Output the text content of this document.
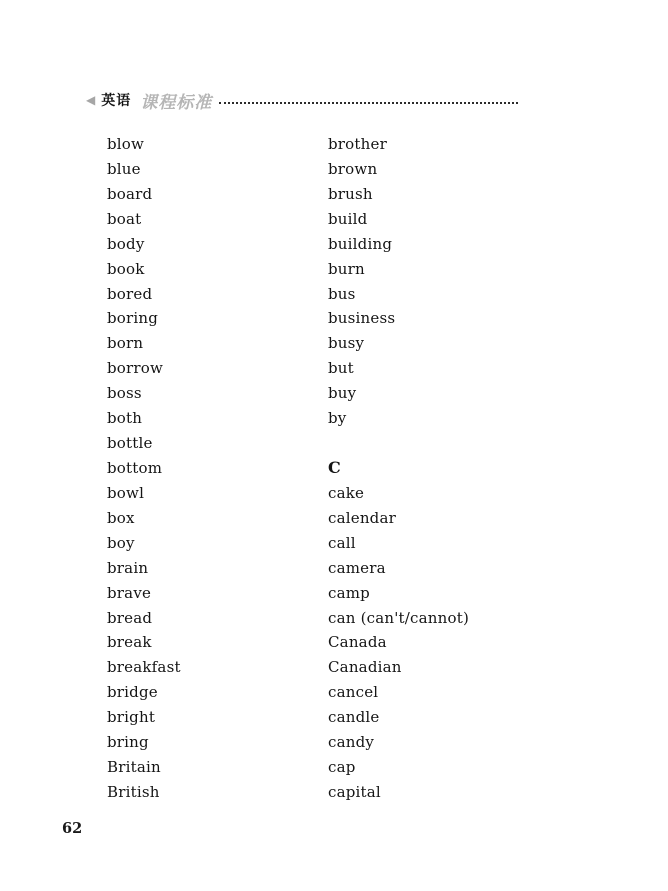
◀ 英语 课程标准
blow
blue
board
boat
body
book
bored
boring
born
borrow
boss
both
bottle
bottom
bowl
box
boy
brain
brave
bread
break
breakfast
bridge
bright
bring
Britain
British
brother
brown
brush
build
building
burn
bus
business
busy
but
buy
by
C
cake
calendar
call
camera
camp
can (can't/cannot)
Canada
Canadian
cancel
candle
candy
cap
capital
62
